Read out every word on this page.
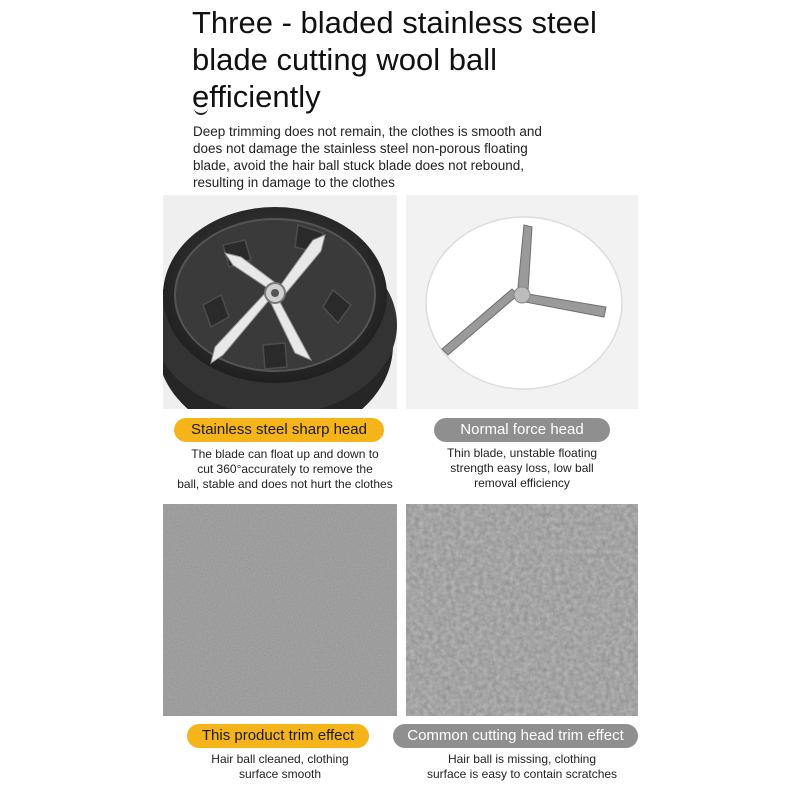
Three - bladed stainless steel
blade cutting wool ball
efficiently

Deep trimming does not remain, the clothes is smooth and
does not damage the stainless steel non-porous floating
blade, avoid the hair ball stuck blade does not rebound,
resulting in damage to the clothes

Stainless steel sharp head	Normal force head

The blade can float up and down to
cut 360°accurately to remove the
ball, stable and does not hurt the clothes

Thin blade, unstable floating
strength easy loss, low ball
removal efficiency

This product trim effect	Common cutting head trim effect

Hair ball cleaned, clothing
surface smooth

Hair ball is missing, clothing
surface is easy to contain scratches
